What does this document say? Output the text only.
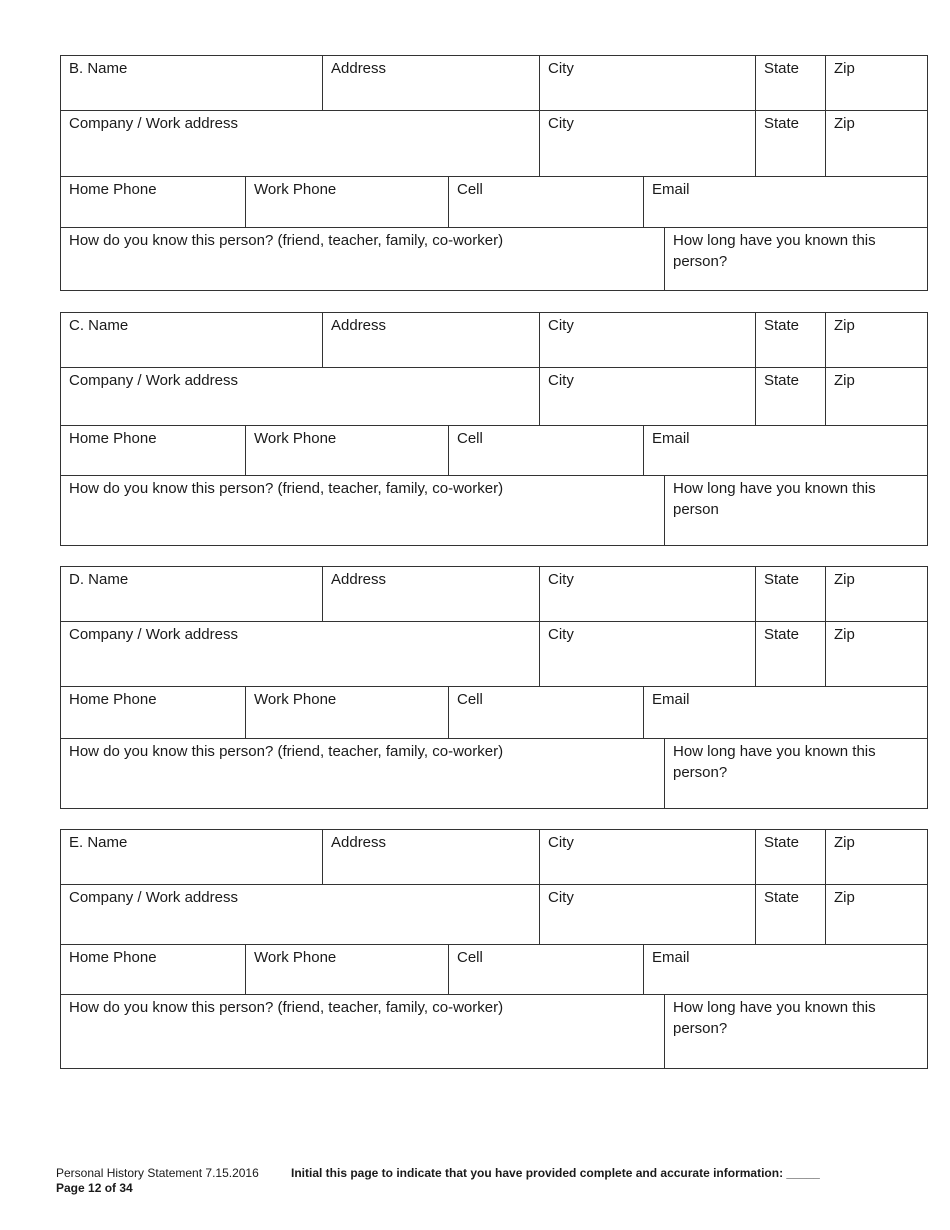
B. Name	Address	City	State	Zip
Company / Work address	City	State	Zip
Home Phone	Work Phone	Cell	Email
How do you know this person? (friend, teacher, family, co-worker)	How long have you known this person?
C. Name	Address	City	State	Zip
Company / Work address	City	State	Zip
Home Phone	Work Phone	Cell	Email
How do you know this person? (friend, teacher, family, co-worker)	How long have you known this person
D. Name	Address	City	State	Zip
Company / Work address	City	State	Zip
Home Phone	Work Phone	Cell	Email
How do you know this person? (friend, teacher, family, co-worker)	How long have you known this person?
E. Name	Address	City	State	Zip
Company / Work address	City	State	Zip
Home Phone	Work Phone	Cell	Email
How do you know this person? (friend, teacher, family, co-worker)	How long have you known this person?
Personal History Statement 7.15.2016	Initial this page to indicate that you have provided complete and accurate information: _____
Page 12 of 34
